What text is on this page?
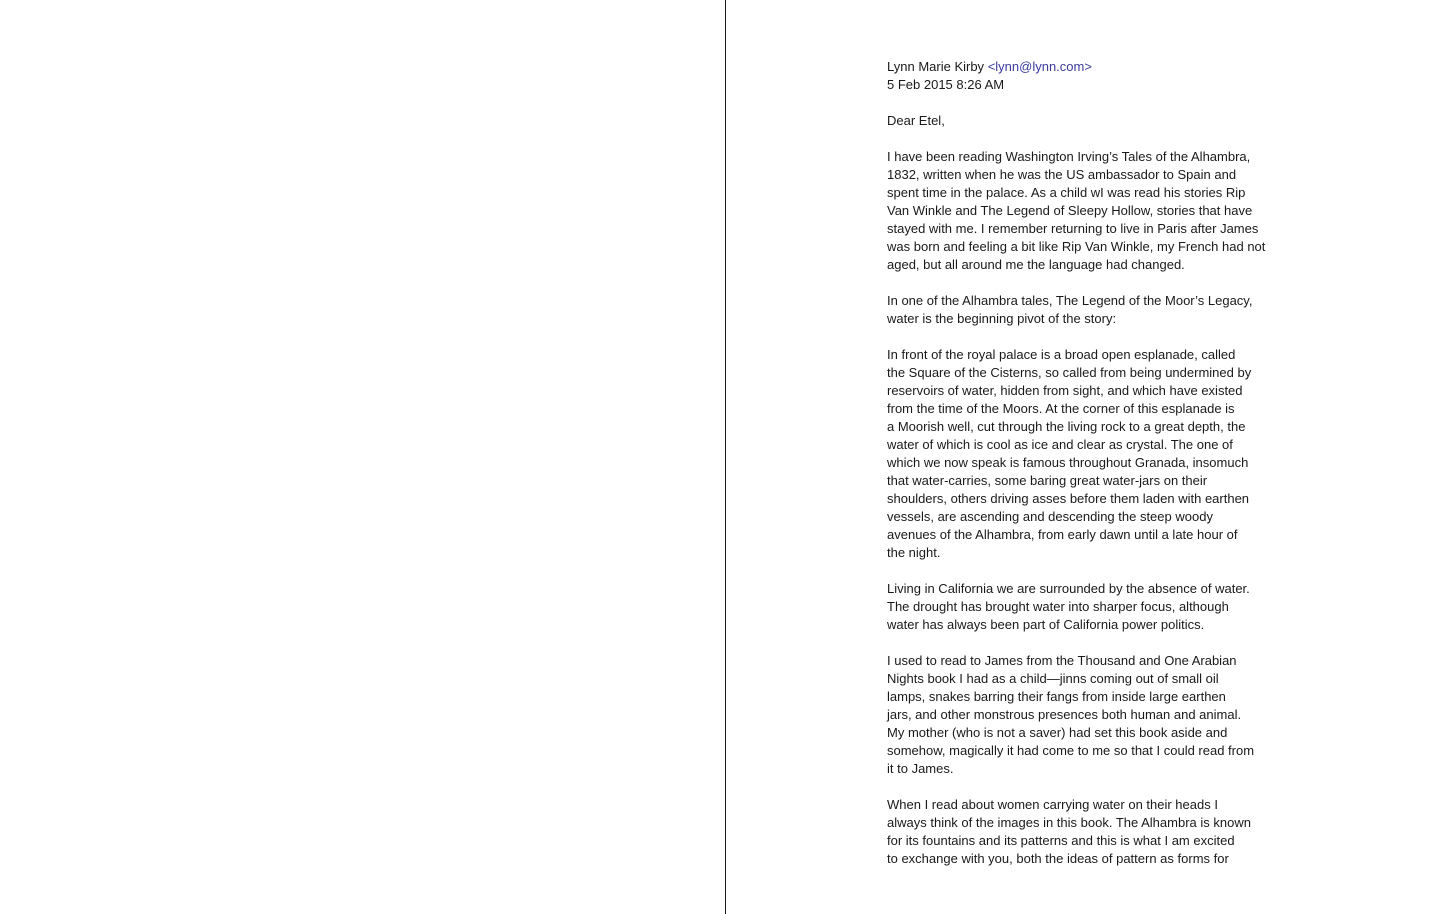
Lynn Marie Kirby <lynn@lynn.com>
5 Feb 2015 8:26 AM
Dear Etel,
I have been reading Washington Irving’s Tales of the Alhambra,
1832, written when he was the US ambassador to Spain and
spent time in the palace. As a child wI was read his stories Rip
Van Winkle and The Legend of Sleepy Hollow, stories that have
stayed with me. I remember returning to live in Paris after James
was born and feeling a bit like Rip Van Winkle, my French had not
aged, but all around me the language had changed.
In one of the Alhambra tales, The Legend of the Moor’s Legacy,
water is the beginning pivot of the story:
In front of the royal palace is a broad open esplanade, called
the Square of the Cisterns, so called from being undermined by
reservoirs of water, hidden from sight, and which have existed
from the time of the Moors. At the corner of this esplanade is
a Moorish well, cut through the living rock to a great depth, the
water of which is cool as ice and clear as crystal. The one of
which we now speak is famous throughout Granada, insomuch
that water-carries, some baring great water-jars on their
shoulders, others driving asses before them laden with earthen
vessels, are ascending and descending the steep woody
avenues of the Alhambra, from early dawn until a late hour of
the night.
Living in California we are surrounded by the absence of water.
The drought has brought water into sharper focus, although
water has always been part of California power politics.
I used to read to James from the Thousand and One Arabian
Nights book I had as a child—jinns coming out of small oil
lamps, snakes barring their fangs from inside large earthen
jars, and other monstrous presences both human and animal.
My mother (who is not a saver) had set this book aside and
somehow, magically it had come to me so that I could read from
it to James.
When I read about women carrying water on their heads I
always think of the images in this book. The Alhambra is known
for its fountains and its patterns and this is what I am excited
to exchange with you, both the ideas of pattern as forms for
